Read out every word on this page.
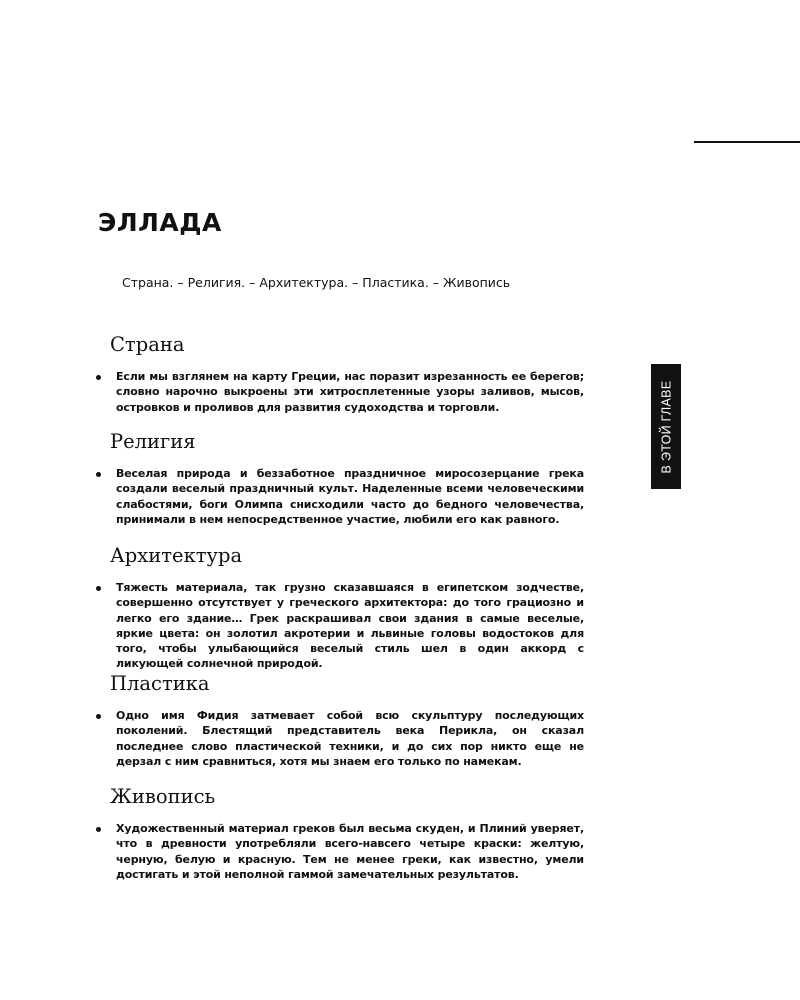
ЭЛЛАДА

Страна. – Религия. – Архитектура. – Пластика. – Живопись

В ЭТОЙ ГЛАВЕ
Страна

Если мы взглянем на карту Греции, нас поразит изрезанность ее берегов; словно нарочно выкроены эти хитросплетенные узоры заливов, мысов, островков и проливов для развития судоходства и торговли.

Религия

Веселая природа и беззаботное праздничное миросозерцание грека создали веселый праздничный культ. Наделенные всеми человеческими слабостями, боги Олимпа снисходили часто до бедного человечества, принимали в нем непосредственное участие, любили его как равного.

Архитектура

Тяжесть материала, так грузно сказавшаяся в египетском зодчестве, совершенно отсутствует у греческого архитектора: до того грациозно и легко его здание… Грек раскрашивал свои здания в самые веселые, яркие цвета: он золотил акротерии и львиные головы водостоков для того, чтобы улыбающийся веселый стиль шел в один аккорд с ликующей солнечной природой.

Пластика

Одно имя Фидия затмевает собой всю скульптуру последующих поколений. Блестящий представитель века Перикла, он сказал последнее слово пластической техники, и до сих пор никто еще не дерзал с ним сравниться, хотя мы знаем его только по намекам.

Живопись

Художественный материал греков был весьма скуден, и Плиний уверяет, что в древности употребляли всего-навсего четыре краски: желтую, черную, белую и красную. Тем не менее греки, как известно, умели достигать и этой неполной гаммой замечательных результатов.
